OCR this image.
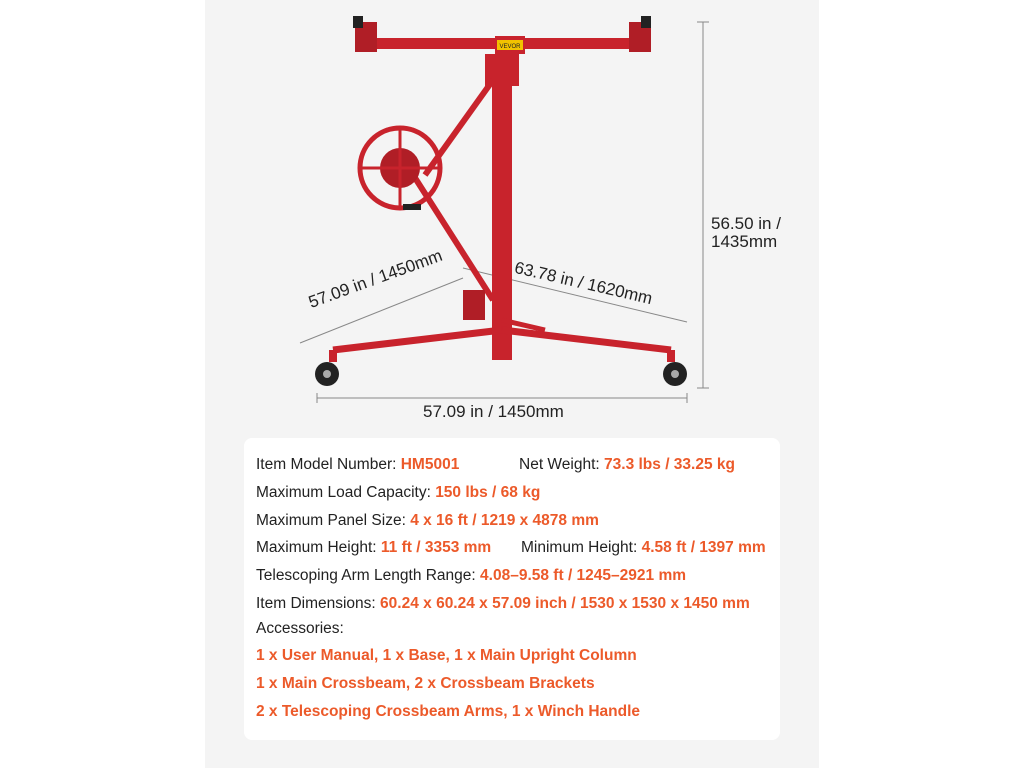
VEVOR
56.50 in /
1435mm
57.09 in / 1450mm	63.78 in / 1620mm
57.09 in / 1450mm
Item Model Number: HM5001	Net Weight: 73.3 lbs / 33.25 kg
Maximum Load Capacity: 150 lbs / 68 kg
Maximum Panel Size: 4 x 16 ft / 1219 x 4878 mm
Maximum Height: 11 ft / 3353 mm Minimum Height: 4.58 ft / 1397 mm
Telescoping Arm Length Range: 4.08–9.58 ft / 1245–2921 mm
Item Dimensions: 60.24 x 60.24 x 57.09 inch / 1530 x 1530 x 1450 mm
Accessories:
1 x User Manual, 1 x Base, 1 x Main Upright Column
1 x Main Crossbeam, 2 x Crossbeam Brackets
2 x Telescoping Crossbeam Arms, 1 x Winch Handle
